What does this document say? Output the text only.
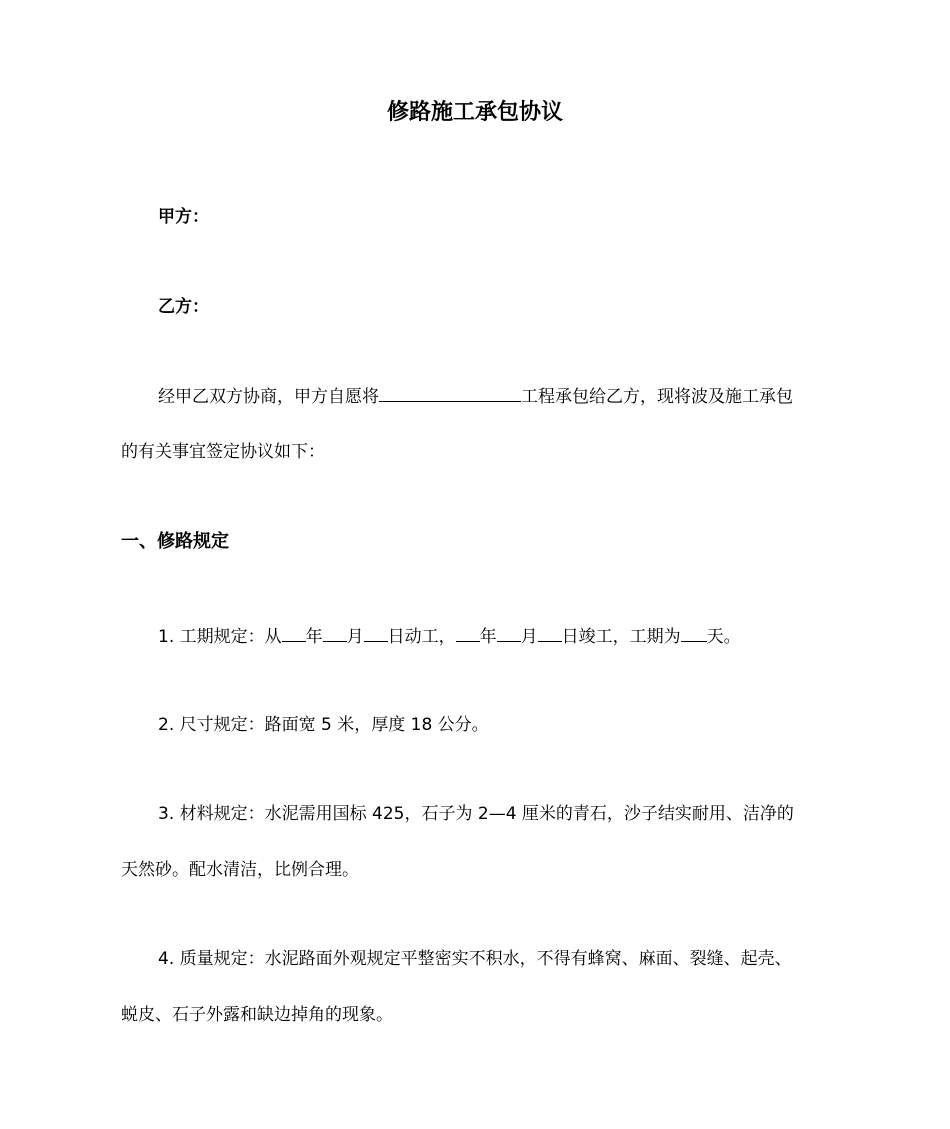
修路施工承包协议
甲方：
乙方：
经甲乙双方协商，甲方自愿将	工程承包给乙方，现将波及施工承包
的有关事宜签定协议如下：
一、修路规定
1. 工期规定：从 年 月 日动工， 年 月 日竣工，工期为 天。
2. 尺寸规定：路面宽 5 米，厚度 18 公分。
3. 材料规定：水泥需用国标 425，石子为 2—4 厘米的青石，沙子结实耐用、洁净的
天然砂。配水清洁，比例合理。
4. 质量规定：水泥路面外观规定平整密实不积水，不得有蜂窝、麻面、裂缝、起壳、
蜕皮、石子外露和缺边掉角的现象。
